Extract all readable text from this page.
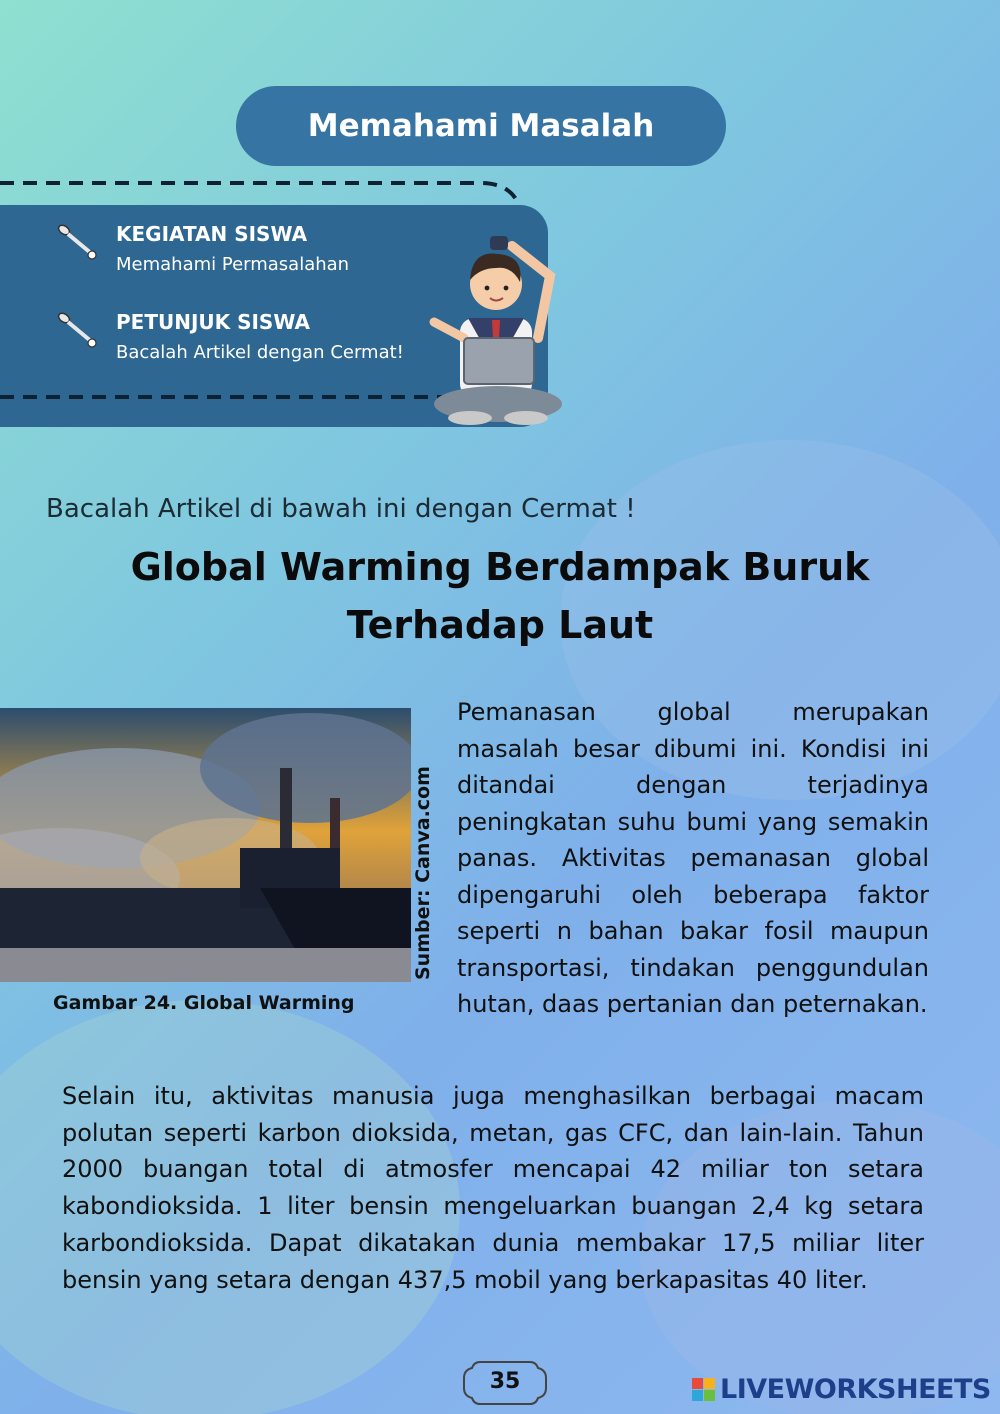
Memahami Masalah
KEGIATAN SISWA
Memahami Permasalahan
PETUNJUK SISWA
Bacalah Artikel dengan Cermat!
Bacalah Artikel di bawah ini dengan Cermat !
Global Warming Berdampak Buruk
Terhadap Laut
Sumber: Canva.com
Gambar 24. Global Warming
Pemanasan global merupakan masalah besar dibumi ini. Kondisi ini ditandai dengan terjadinya peningkatan suhu bumi yang semakin panas. Aktivitas pemanasan global dipengaruhi oleh beberapa faktor seperti n bahan bakar fosil maupun transportasi, tindakan penggundulan hutan, daas pertanian dan peternakan.
Selain itu, aktivitas manusia juga menghasilkan berbagai macam polutan seperti karbon dioksida, metan, gas CFC, dan lain-lain. Tahun 2000 buangan total di atmosfer mencapai 42 miliar ton setara kabondioksida. 1 liter bensin mengeluarkan buangan 2,4 kg setara karbondioksida. Dapat dikatakan dunia membakar 17,5 miliar liter bensin yang setara dengan 437,5 mobil yang berkapasitas 40 liter.
35	LIVEWORKSHEETS
